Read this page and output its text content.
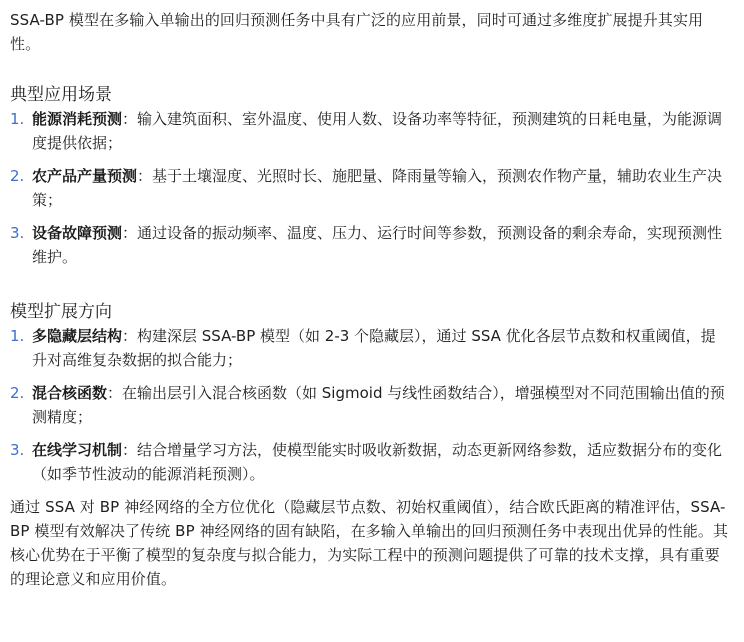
SSA-BP 模型在多输入单输出的回归预测任务中具有广泛的应用前景，同时可通过多维度扩展提升其实用性。

典型应用场景
1. 能源消耗预测：输入建筑面积、室外温度、使用人数、设备功率等特征，预测建筑的日耗电量，为能源调度提供依据；
2. 农产品产量预测：基于土壤湿度、光照时长、施肥量、降雨量等输入，预测农作物产量，辅助农业生产决策；
3. 设备故障预测：通过设备的振动频率、温度、压力、运行时间等参数，预测设备的剩余寿命，实现预测性维护。
模型扩展方向
1. 多隐藏层结构：构建深层 SSA-BP 模型（如 2-3 个隐藏层），通过 SSA 优化各层节点数和权重阈值，提升对高维复杂数据的拟合能力；
2. 混合核函数：在输出层引入混合核函数（如 Sigmoid 与线性函数结合），增强模型对不同范围输出值的预测精度；
3. 在线学习机制：结合增量学习方法，使模型能实时吸收新数据，动态更新网络参数，适应数据分布的变化（如季节性波动的能源消耗预测）。

通过 SSA 对 BP 神经网络的全方位优化（隐藏层节点数、初始权重阈值），结合欧氏距离的精准评估，SSA-BP 模型有效解决了传统 BP 神经网络的固有缺陷，在多输入单输出的回归预测任务中表现出优异的性能。其核心优势在于平衡了模型的复杂度与拟合能力，为实际工程中的预测问题提供了可靠的技术支撑，具有重要的理论意义和应用价值。
